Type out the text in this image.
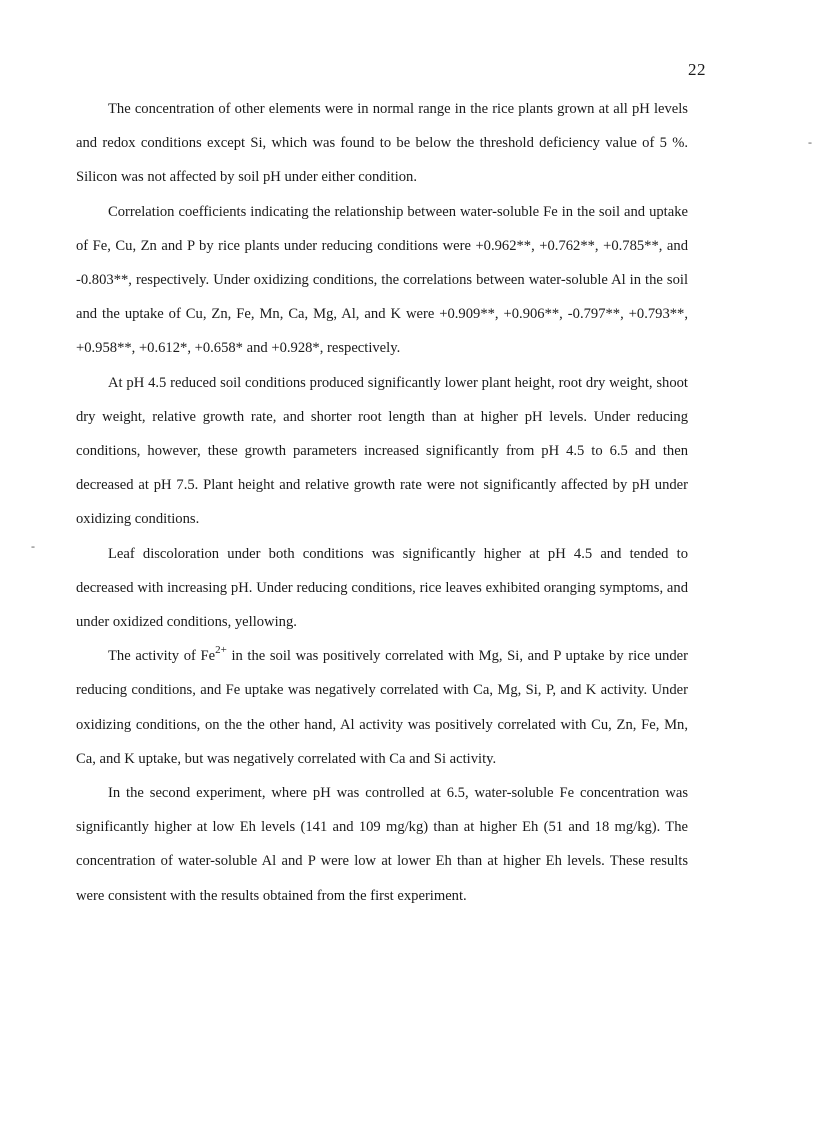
22

The concentration of other elements were in normal range in the rice plants grown at all pH levels and redox conditions except Si, which was found to be below the threshold deficiency value of 5 %. Silicon was not affected by soil pH under either condition.

Correlation coefficients indicating the relationship between water-soluble Fe in the soil and uptake of Fe, Cu, Zn and P by rice plants under reducing conditions were +0.962**, +0.762**, +0.785**, and -0.803**, respectively. Under oxidizing conditions, the correlations between water-soluble Al in the soil and the uptake of Cu, Zn, Fe, Mn, Ca, Mg, Al, and K were +0.909**, +0.906**, -0.797**, +0.793**, +0.958**, +0.612*, +0.658* and +0.928*, respectively.

At pH 4.5 reduced soil conditions produced significantly lower plant height, root dry weight, shoot dry weight, relative growth rate, and shorter root length than at higher pH levels. Under reducing conditions, however, these growth parameters increased significantly from pH 4.5 to 6.5 and then decreased at pH 7.5. Plant height and relative growth rate were not significantly affected by pH under oxidizing conditions.

Leaf discoloration under both conditions was significantly higher at pH 4.5 and tended to decreased with increasing pH. Under reducing conditions, rice leaves exhibited oranging symptoms, and under oxidized conditions, yellowing.

The activity of $Fe^{2+}$ in the soil was positively correlated with Mg, Si, and P uptake by rice under reducing conditions, and Fe uptake was negatively correlated with Ca, Mg, Si, P, and K activity. Under oxidizing conditions, on the the other hand, Al activity was positively correlated with Cu, Zn, Fe, Mn, Ca, and K uptake, but was negatively correlated with Ca and Si activity.

In the second experiment, where pH was controlled at 6.5, water-soluble Fe concentration was significantly higher at low Eh levels (141 and 109 mg/kg) than at higher Eh (51 and 18 mg/kg). The concentration of water-soluble Al and P were low at lower Eh than at higher Eh levels. These results were consistent with the results obtained from the first experiment.

-
-
